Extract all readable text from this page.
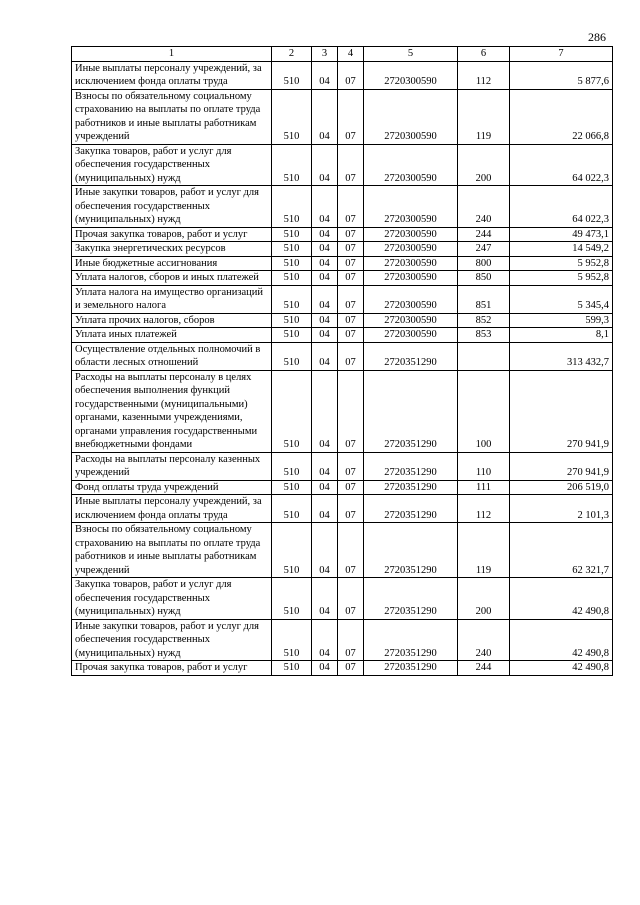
286
1	2	3	4	5	6	7
Иные выплаты персоналу учреждений, за исключением фонда оплаты труда	510	04	07	2720300590	112	5 877,6
Взносы по обязательному социальному страхованию на выплаты по оплате труда работников и иные выплаты работникам учреждений	510	04	07	2720300590	119	22 066,8
Закупка товаров, работ и услуг для обеспечения государственных (муниципальных) нужд	510	04	07	2720300590	200	64 022,3
Иные закупки товаров, работ и услуг для обеспечения государственных (муниципальных) нужд	510	04	07	2720300590	240	64 022,3
Прочая закупка товаров, работ и услуг	510	04	07	2720300590	244	49 473,1
Закупка энергетических ресурсов	510	04	07	2720300590	247	14 549,2
Иные бюджетные ассигнования	510	04	07	2720300590	800	5 952,8
Уплата налогов, сборов и иных платежей	510	04	07	2720300590	850	5 952,8
Уплата налога на имущество организаций и земельного налога	510	04	07	2720300590	851	5 345,4
Уплата прочих налогов, сборов	510	04	07	2720300590	852	599,3
Уплата иных платежей	510	04	07	2720300590	853	8,1
Осуществление отдельных полномочий в области лесных отношений	510	04	07	2720351290		313 432,7
Расходы на выплаты персоналу в целях обеспечения выполнения функций государственными (муниципальными) органами, казенными учреждениями, органами управления государственными внебюджетными фондами	510	04	07	2720351290	100	270 941,9
Расходы на выплаты персоналу казенных учреждений	510	04	07	2720351290	110	270 941,9
Фонд оплаты труда учреждений	510	04	07	2720351290	111	206 519,0
Иные выплаты персоналу учреждений, за исключением фонда оплаты труда	510	04	07	2720351290	112	2 101,3
Взносы по обязательному социальному страхованию на выплаты по оплате труда работников и иные выплаты работникам учреждений	510	04	07	2720351290	119	62 321,7
Закупка товаров, работ и услуг для обеспечения государственных (муниципальных) нужд	510	04	07	2720351290	200	42 490,8
Иные закупки товаров, работ и услуг для обеспечения государственных (муниципальных) нужд	510	04	07	2720351290	240	42 490,8
Прочая закупка товаров, работ и услуг	510	04	07	2720351290	244	42 490,8
